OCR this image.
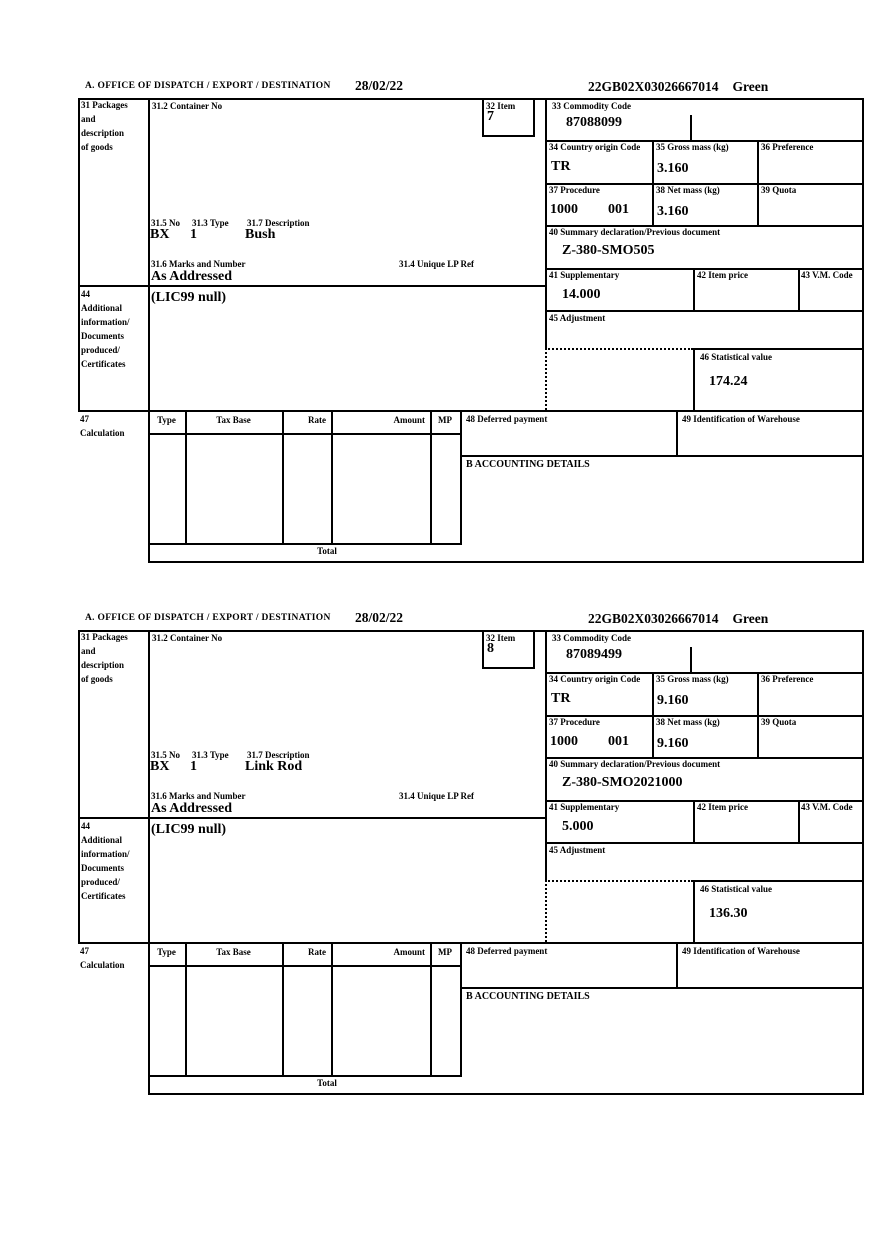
A. OFFICE OF DISPATCH / EXPORT / DESTINATION 28/02/22	22GB02X03026667014 Green
31 Packages
and
description
of goods
31.2 Container No	32 Item
7
33 Commodity Code
87088099
34 Country origin Code
TR
35 Gross mass (kg)
3.160
36 Preference
37 Procedure
1000 001
38 Net mass (kg)
3.160
39 Quota
40 Summary declaration/Previous document
Z-380-SMO505
41 Supplementary
14.000
42 Item price	43 V.M. Code
45 Adjustment
46 Statistical value
174.24
31.5 No 31.3 Type 31.7 Description
BX 1	Bush
31.6 Marks and Number	31.4 Unique LP Ref
As Addressed
44
Additional
information/
Documents
produced/
Certificates
(LIC99 null)
47
Calculation
Type	Tax Base	Rate	Amount	MP	48 Deferred payment	49 Identification of Warehouse
B ACCOUNTING DETAILS
Total
A. OFFICE OF DISPATCH / EXPORT / DESTINATION 28/02/22	22GB02X03026667014 Green
31 Packages
and
description
of goods
31.2 Container No	32 Item
8
33 Commodity Code
87089499
34 Country origin Code
TR
35 Gross mass (kg)
9.160
36 Preference
37 Procedure
1000 001
38 Net mass (kg)
9.160
39 Quota
40 Summary declaration/Previous document
Z-380-SMO2021000
41 Supplementary
5.000
42 Item price	43 V.M. Code
45 Adjustment
46 Statistical value
136.30
31.5 No 31.3 Type 31.7 Description
BX 1	Link Rod
31.6 Marks and Number	31.4 Unique LP Ref
As Addressed
44
Additional
information/
Documents
produced/
Certificates
(LIC99 null)
47
Calculation
Type	Tax Base	Rate	Amount	MP	48 Deferred payment	49 Identification of Warehouse
B ACCOUNTING DETAILS
Total
